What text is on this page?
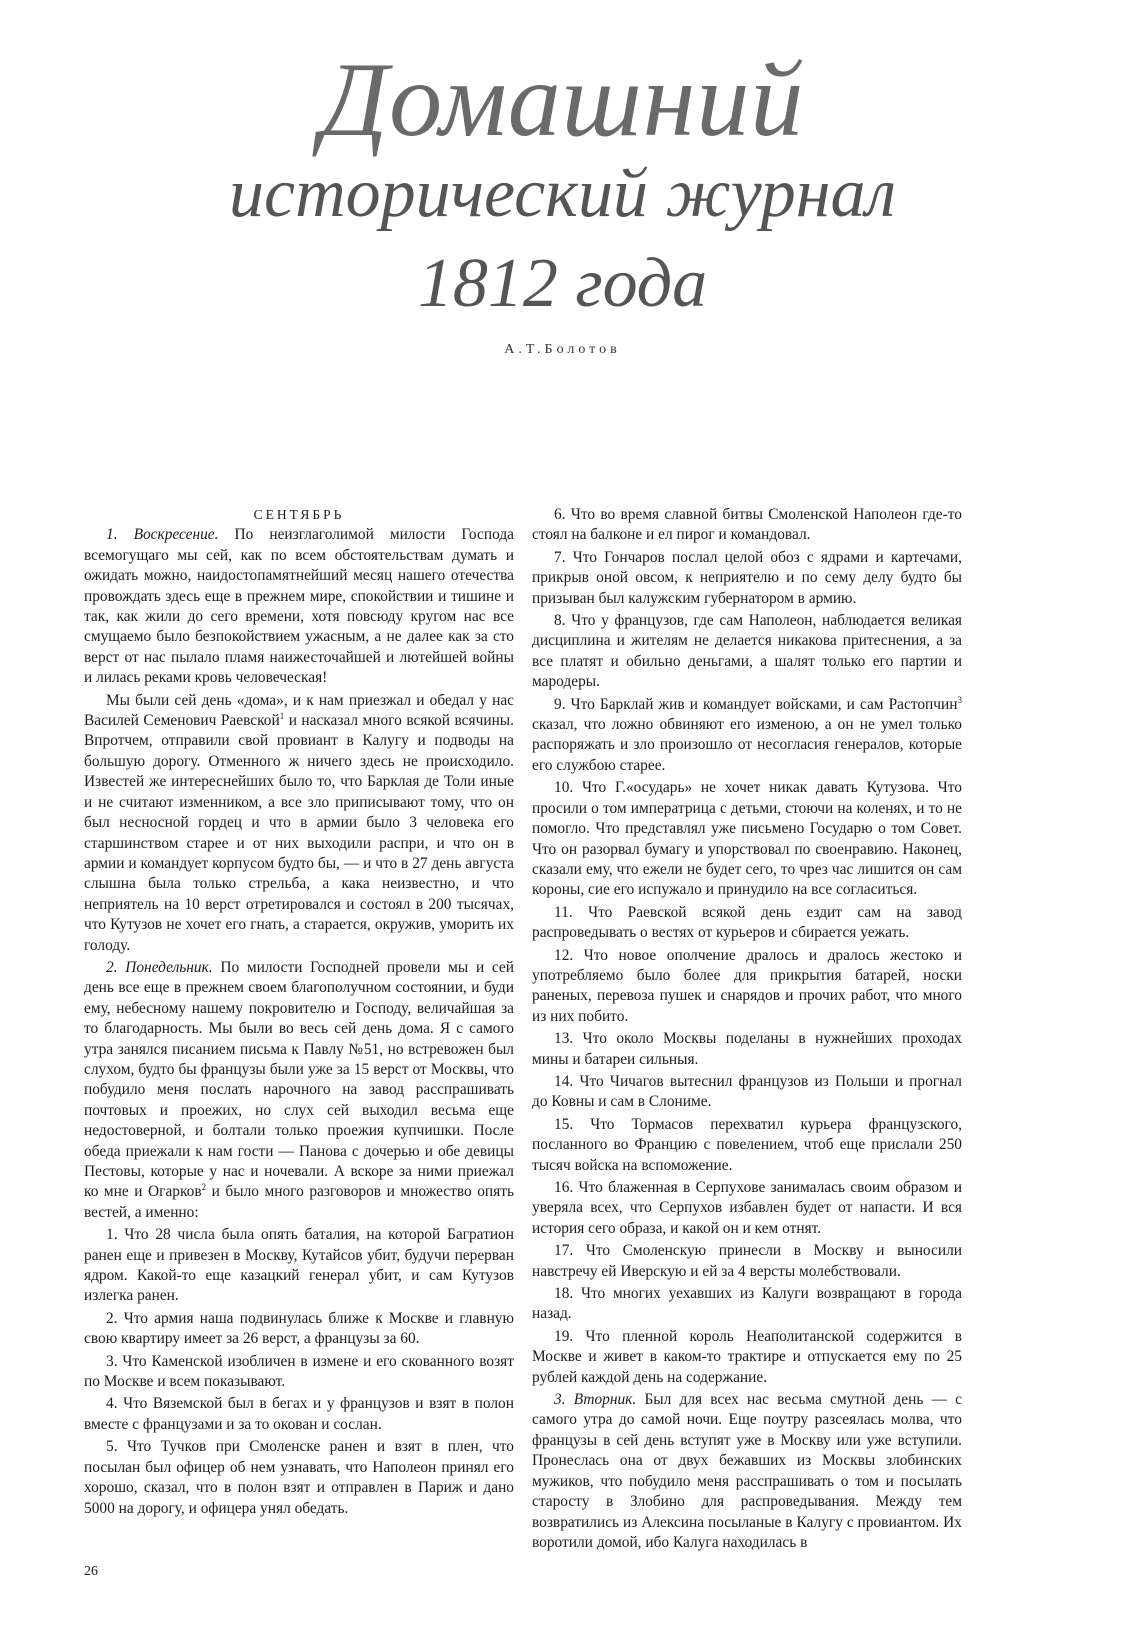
Домашний
исторический журнал
1812 года
А.Т.Болотов

СЕНТЯБРЬ

1. Воскресение. По неизглаголимой милости Господа всемогущаго мы сей, как по всем обстоятельствам думать и ожидать можно, наидостопамятнейший месяц нашего отечества провождать здесь еще в прежнем мире, спокойствии и тишине и так, как жили до сего времени, хотя повсюду кругом нас все смущаемо было безпокойствием ужасным, а не далее как за сто верст от нас пылало пламя наижесточайшей и лютейшей войны и лилась реками кровь человеческая!

Мы были сей день «дома», и к нам приезжал и обедал у нас Василей Семенович Раевской$^1$ и насказал много всякой всячины. Впротчем, отправили свой провиант в Калугу и подводы на большую дорогу. Отменного ж ничего здесь не происходило. Известей же интереснейших было то, что Барклая де Толи иные и не считают изменником, а все зло приписывают тому, что он был несносной гордец и что в армии было 3 человека его старшинством старее и от них выходили распри, и что он в армии и командует корпусом будто бы, — и что в 27 день августа слышна была только стрельба, а кака неизвестно, и что неприятель на 10 верст отретировался и состоял в 200 тысячах, что Кутузов не хочет его гнать, а старается, окружив, уморить их голоду.

2. Понедельник. По милости Господней провели мы и сей день все еще в прежнем своем благополучном состоянии, и буди ему, небесному нашему покровителю и Господу, величайшая за то благодарность. Мы были во весь сей день дома. Я с самого утра занялся писанием письма к Павлу №51, но встревожен был слухом, будто бы французы были уже за 15 верст от Москвы, что побудило меня послать нарочного на завод расспрашивать почтовых и проежих, но слух сей выходил весьма еще недостоверной, и болтали только проежия купчишки. После обеда приежали к нам гости — Панова с дочерью и обе девицы Пестовы, которые у нас и ночевали. А вскоре за ними приежал ко мне и Огарков$^2$ и было много разговоров и множество опять вестей, а именно:

1. Что 28 числа была опять баталия, на которой Багратион ранен еще и привезен в Москву, Кутайсов убит, будучи перерван ядром. Какой-то еще казацкий генерал убит, и сам Кутузов излегка ранен.

2. Что армия наша подвинулась ближе к Москве и главную свою квартиру имеет за 26 верст, а французы за 60.

3. Что Каменской изобличен в измене и его скованного возят по Москве и всем показывают.

4. Что Вяземской был в бегах и у французов и взят в полон вместе с французами и за то окован и сослан.

5. Что Тучков при Смоленске ранен и взят в плен, что посылан был офицер об нем узнавать, что Наполеон принял его хорошо, сказал, что в полон взят и отправлен в Париж и дано 5000 на дорогу, и офицера унял обедать.

6. Что во время славной битвы Смоленской Наполеон где-то стоял на балконе и ел пирог и командовал.

7. Что Гончаров послал целой обоз с ядрами и картечами, прикрыв оной овсом, к неприятелю и по сему делу будто бы призыван был калужским губернатором в армию.

8. Что у французов, где сам Наполеон, наблюдается великая дисциплина и жителям не делается никакова притеснения, а за все платят и обильно деньгами, а шалят только его партии и мародеры.

9. Что Барклай жив и командует войсками, и сам Растопчин$^3$ сказал, что ложно обвиняют его изменою, а он не умел только распоряжать и зло произошло от несогласия генералов, которые его службою старее.

10. Что Г.«осударь» не хочет никак давать Кутузова. Что просили о том императрица с детьми, стоючи на коленях, и то не помогло. Что представлял уже письмено Государю о том Совет. Что он разорвал бумагу и упорствовал по своенравию. Наконец, сказали ему, что ежели не будет сего, то чрез час лишится он сам короны, сие его испужало и принудило на все согласиться.

11. Что Раевской всякой день ездит сам на завод распроведывать о вестях от курьеров и сбирается уежать.

12. Что новое ополчение дралось и дралось жестоко и употребляемо было более для прикрытия батарей, носки раненых, перевоза пушек и снарядов и прочих работ, что много из них побито.

13. Что около Москвы поделаны в нужнейших проходах мины и батареи сильныя.

14. Что Чичагов вытеснил французов из Польши и прогнал до Ковны и сам в Слониме.

15. Что Тормасов перехватил курьера французского, посланного во Францию с повелением, чтоб еще прислали 250 тысяч войска на вспоможение.

16. Что блаженная в Серпухове занималась своим образом и уверяла всех, что Серпухов избавлен будет от напасти. И вся история сего образа, и какой он и кем отнят.

17. Что Смоленскую принесли в Москву и выносили навстречу ей Иверскую и ей за 4 версты молебствовали.

18. Что многих уехавших из Калуги возвращают в города назад.

19. Что пленной король Неаполитанской содержится в Москве и живет в каком-то трактире и отпускается ему по 25 рублей каждой день на содержание.

3. Вторник. Был для всех нас весьма смутной день — с самого утра до самой ночи. Еще поутру разсеялась молва, что французы в сей день вступят уже в Москву или уже вступили. Пронеслась она от двух бежавших из Москвы злобинских мужиков, что побудило меня расспрашивать о том и посылать старосту в Злобино для распроведывания. Между тем возвратились из Алексина посыланые в Калугу с провиантом. Их воротили домой, ибо Калуга находилась в

26
